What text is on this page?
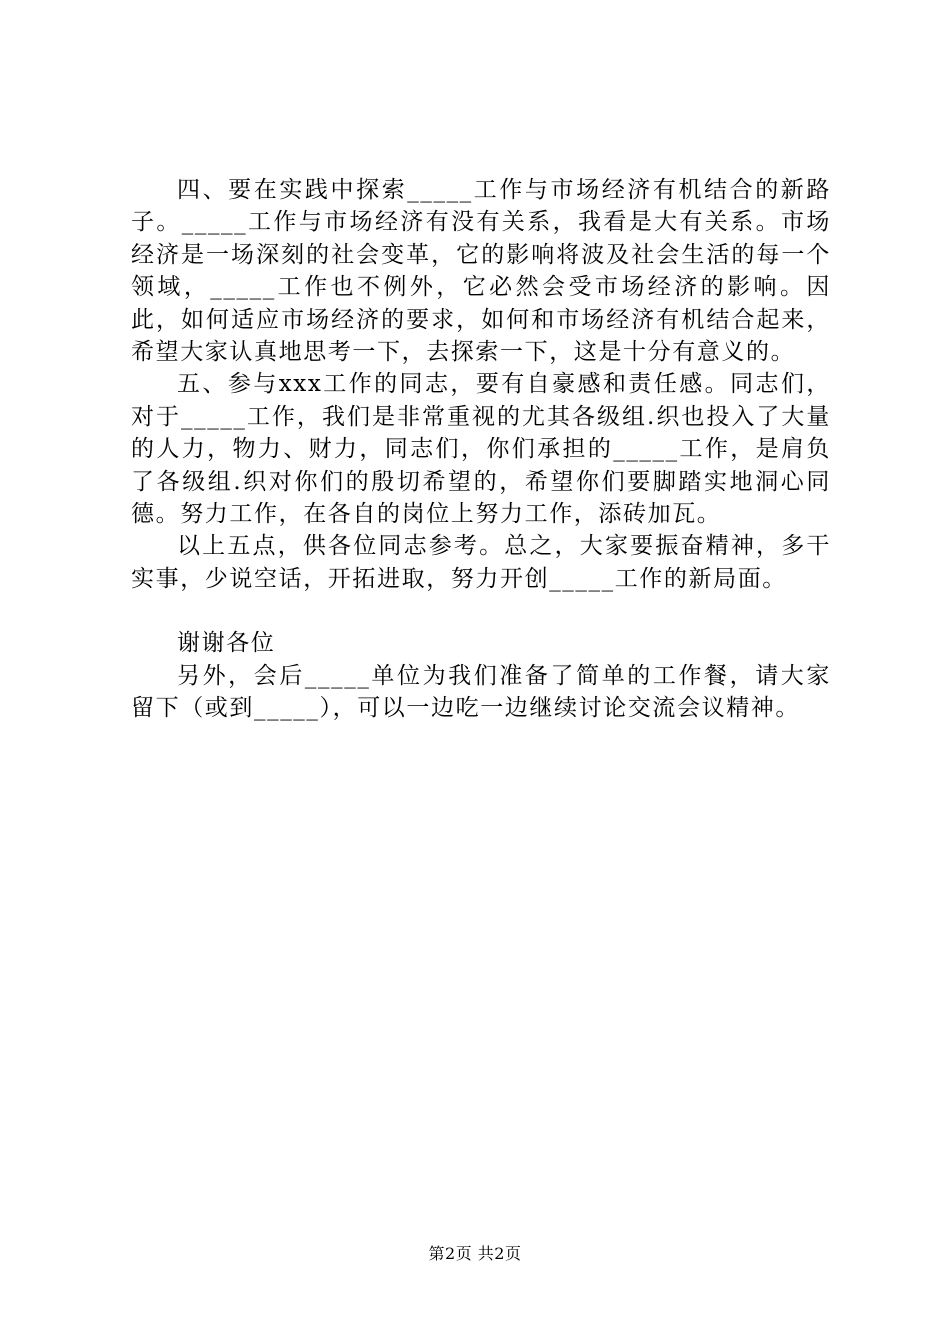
四、要在实践中探索_____工作与市场经济有机结合的新路子。_____工作与市场经济有没有关系，我看是大有关系。市场经济是一场深刻的社会变革，它的影响将波及社会生活的每一个领域，_____工作也不例外，它必然会受市场经济的影响。因此，如何适应市场经济的要求，如何和市场经济有机结合起来，希望大家认真地思考一下，去探索一下，这是十分有意义的。

五、参与xxx工作的同志，要有自豪感和责任感。同志们，对于_____工作，我们是非常重视的尤其各级组.织也投入了大量的人力，物力、财力，同志们，你们承担的_____工作，是肩负了各级组.织对你们的殷切希望的，希望你们要脚踏实地洞心同德。努力工作，在各自的岗位上努力工作，添砖加瓦。

以上五点，供各位同志参考。总之，大家要振奋精神，多干实事，少说空话，开拓进取，努力开创_____工作的新局面。

谢谢各位

另外，会后_____单位为我们准备了简单的工作餐，请大家留下（或到_____），可以一边吃一边继续讨论交流会议精神。

第2页 共2页
